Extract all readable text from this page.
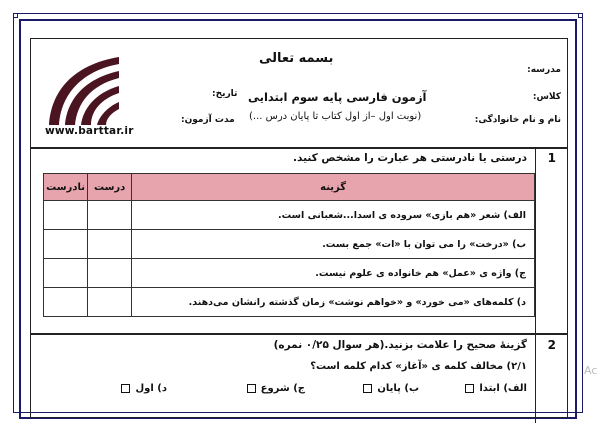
www.barttar.ir
بسمه تعالی
مدرسه:
کلاس:
نام و نام خانوادگی:
آزمون فارسی پایه سوم ابتدایی
(نوبت اول –از اول کتاب تا پایان درس ...)
تاریخ:
مدت آزمون:
1
درستی یا نادرستی هر عبارت را مشخص کنید.
گزینه	درست	نادرست
الف) شعر «هم بازی» سروده ی اسدا...شعبانی است.		
ب) «درخت» را می توان با «ات» جمع بست.		
ج) واژه ی «عمل» هم خانواده ی علوم نیست.		
د) کلمه‌های «می خورد» و «خواهم نوشت» زمان گذشته رانشان می‌دهند.		
2
گزینهٔ صحیح را علامت بزنید.(هر سوال ۰/۲۵ نمره)
۲/۱) مخالف کلمه ی «آغاز» کدام کلمه است؟
الف) ابتدا
ب) پایان
ج) شروع
د) اول
Ac
